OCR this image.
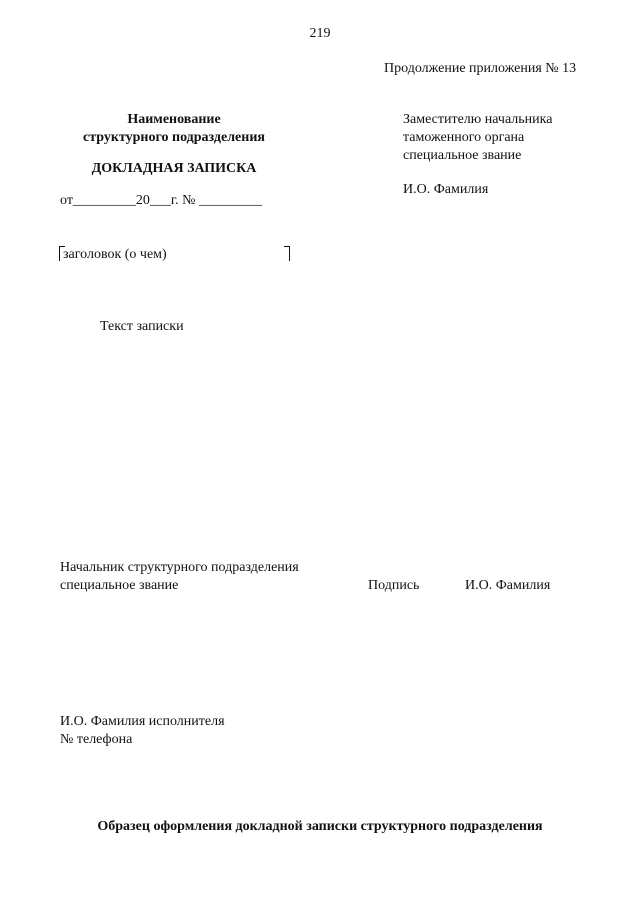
219
Продолжение приложения № 13
Наименование
структурного подразделения
ДОКЛАДНАЯ ЗАПИСКА
от_________20___г. № _________
Заместителю начальника
таможенного органа
специальное звание
И.О. Фамилия
заголовок (о чем)
Текст записки
Начальник структурного подразделения
специальное звание	Подпись	И.О. Фамилия
И.О. Фамилия исполнителя
№ телефона
Образец оформления докладной записки структурного подразделения
